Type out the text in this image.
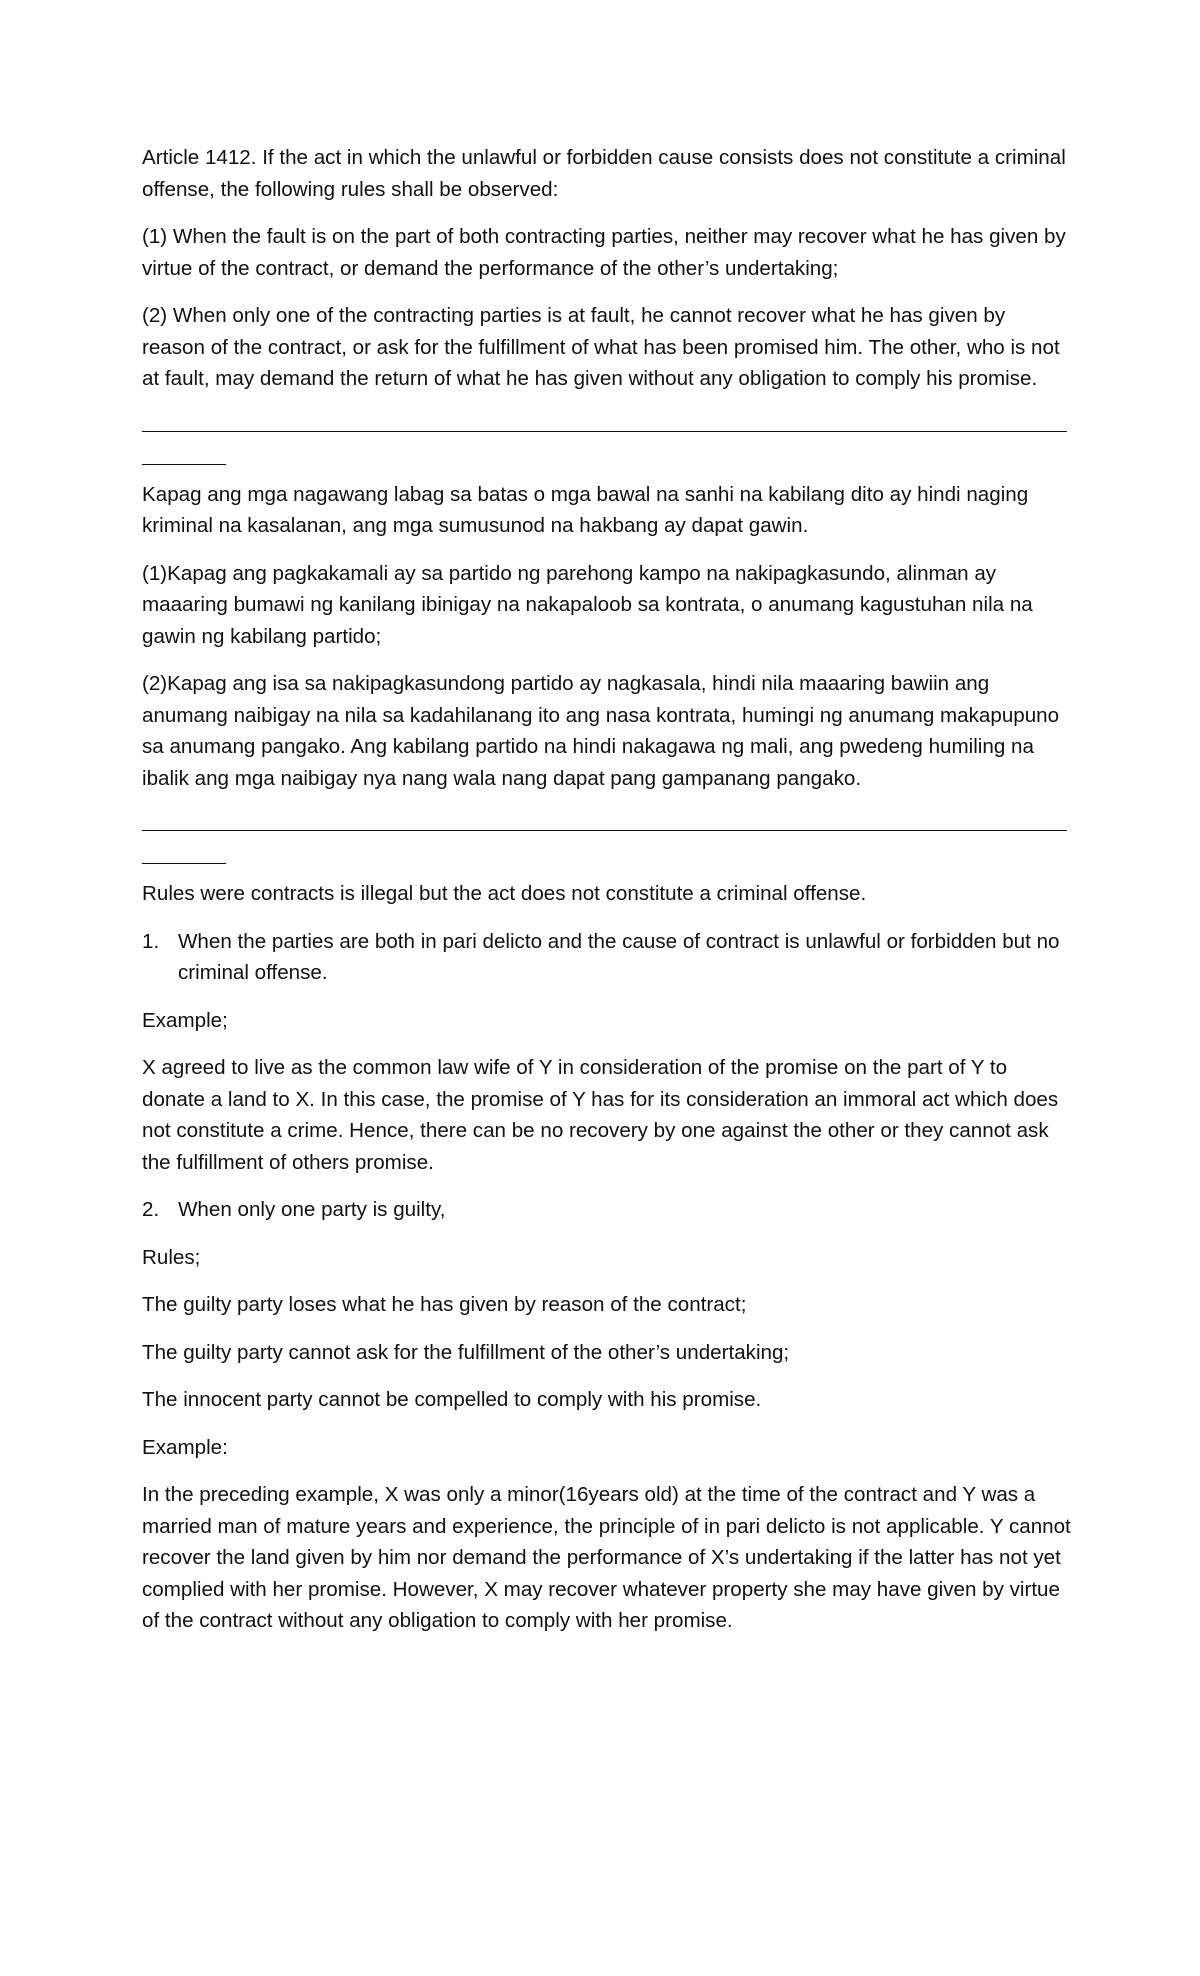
Article 1412. If the act in which the unlawful or forbidden cause consists does not constitute a criminal offense, the following rules shall be observed:

(1) When the fault is on the part of both contracting parties, neither may recover what he has given by virtue of the contract, or demand the performance of the other’s undertaking;

(2) When only one of the contracting parties is at fault, he cannot recover what he has given by reason of the contract, or ask for the fulfillment of what has been promised him. The other, who is not at fault, may demand the return of what he has given without any obligation to comply his promise.

Kapag ang mga nagawang labag sa batas o mga bawal na sanhi na kabilang dito ay hindi naging kriminal na kasalanan, ang mga sumusunod na hakbang ay dapat gawin.

(1)Kapag ang pagkakamali ay sa partido ng parehong kampo na nakipagkasundo, alinman ay maaaring bumawi ng kanilang ibinigay na nakapaloob sa kontrata, o anumang kagustuhan nila na gawin ng kabilang partido;

(2)Kapag ang isa sa nakipagkasundong partido ay nagkasala, hindi nila maaaring bawiin ang anumang naibigay na nila sa kadahilanang ito ang nasa kontrata, humingi ng anumang makapupuno sa anumang pangako. Ang kabilang partido na hindi nakagawa ng mali, ang pwedeng humiling na ibalik ang mga naibigay nya nang wala nang dapat pang gampanang pangako.

Rules were contracts is illegal but the act does not constitute a criminal offense.

1. When the parties are both in pari delicto and the cause of contract is unlawful or forbidden but no criminal offense.

Example;

X agreed to live as the common law wife of Y in consideration of the promise on the part of Y to donate a land to X. In this case, the promise of Y has for its consideration an immoral act which does not constitute a crime. Hence, there can be no recovery by one against the other or they cannot ask the fulfillment of others promise.

2. When only one party is guilty,

Rules;

The guilty party loses what he has given by reason of the contract;

The guilty party cannot ask for the fulfillment of the other’s undertaking;

The innocent party cannot be compelled to comply with his promise.

Example:

In the preceding example, X was only a minor(16years old) at the time of the contract and Y was a married man of mature years and experience, the principle of in pari delicto is not applicable. Y cannot recover the land given by him nor demand the performance of X’s undertaking if the latter has not yet complied with her promise. However, X may recover whatever property she may have given by virtue of the contract without any obligation to comply with her promise.
